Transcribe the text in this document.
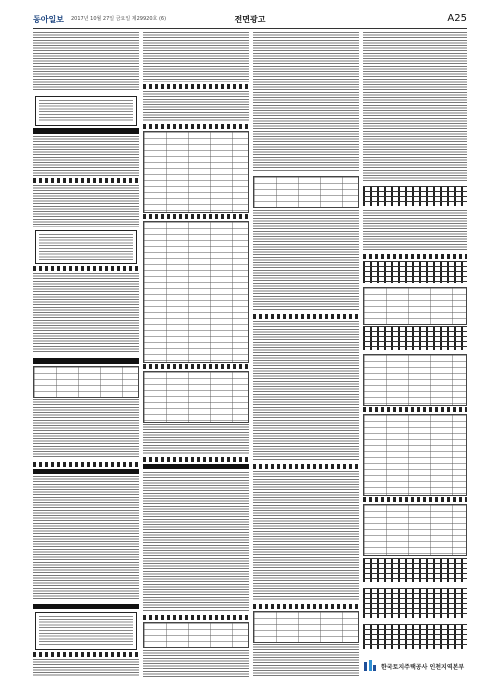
동아일보 2017년 10월 27일 금요일 제29920호 (6)	전면광고	A25
한국토지주택공사 인천지역본부
